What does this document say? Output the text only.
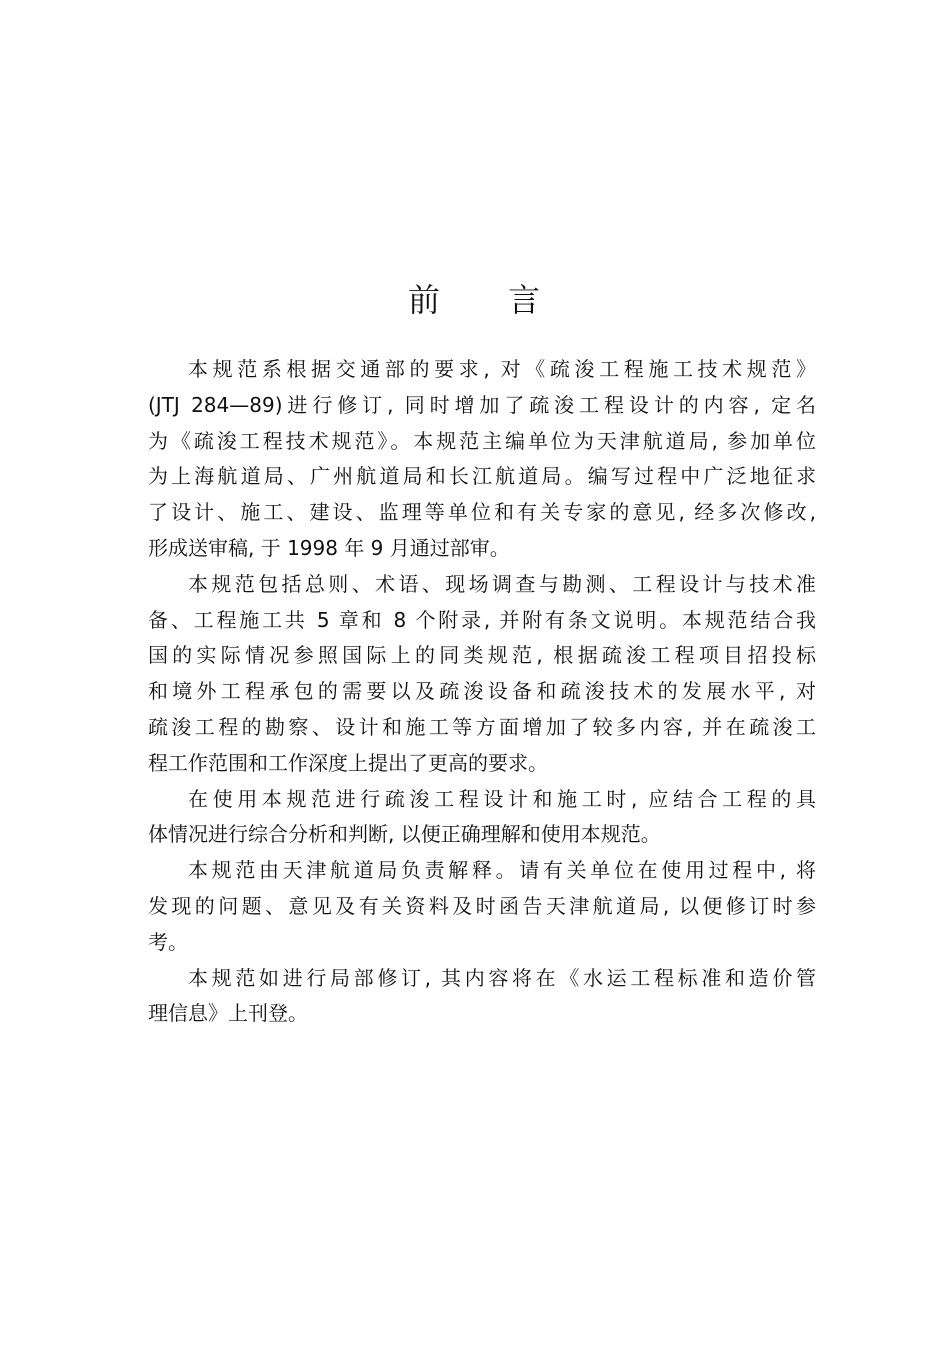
前 言
本规范系根据交通部的要求, 对《疏浚工程施工技术规范》
(JTJ 284—89)进行修订, 同时增加了疏浚工程设计的内容, 定名
为《疏浚工程技术规范》。本规范主编单位为天津航道局, 参加单位
为上海航道局、广州航道局和长江航道局。编写过程中广泛地征求
了设计、施工、建设、监理等单位和有关专家的意见, 经多次修改,
形成送审稿, 于 1998 年 9 月通过部审。
本规范包括总则、术语、现场调查与勘测、工程设计与技术准
备、工程施工共 5 章和 8 个附录, 并附有条文说明。本规范结合我
国的实际情况参照国际上的同类规范, 根据疏浚工程项目招投标
和境外工程承包的需要以及疏浚设备和疏浚技术的发展水平, 对
疏浚工程的勘察、设计和施工等方面增加了较多内容, 并在疏浚工
程工作范围和工作深度上提出了更高的要求。
在使用本规范进行疏浚工程设计和施工时, 应结合工程的具
体情况进行综合分析和判断, 以便正确理解和使用本规范。
本规范由天津航道局负责解释。请有关单位在使用过程中, 将
发现的问题、意见及有关资料及时函告天津航道局, 以便修订时参
考。
本规范如进行局部修订, 其内容将在《水运工程标准和造价管
理信息》上刊登。
